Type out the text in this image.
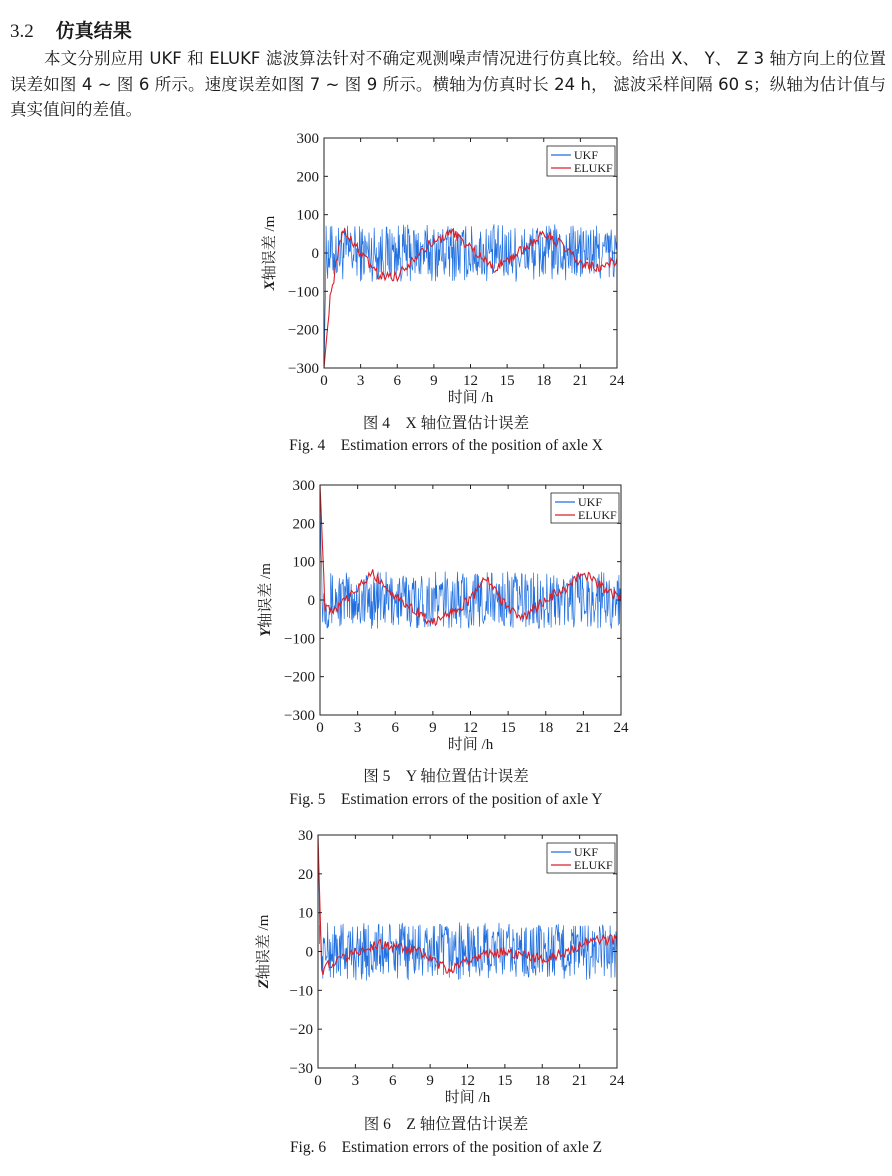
3.2 仿真结果
本文分别应用 UKF 和 ELUKF 滤波算法针对不确定观测噪声情况进行仿真比较。给出 X、 Y、 Z 3 轴方向上的位置误差如图 4 ~ 图 6 所示。速度误差如图 7 ~ 图 9 所示。横轴为仿真时长 24 h， 滤波采样间隔 60 s；纵轴为估计值与真实值间的差值。
0 3 6 9 12 15 18 21 24
−300
−200
−100
0
100
200
300
时间 /h
X轴误差 /m
UKF
ELUKF
图 4　X 轴位置估计误差
Fig. 4　Estimation errors of the position of axle X
0 3 6 9 12 15 18 21 24
−300
−200
−100
0
100
200
300
时间 /h
Y轴误差 /m
UKF
ELUKF
图 5　Y 轴位置估计误差
Fig. 5　Estimation errors of the position of axle Y
0 3 6 9 12 15 18 21 24
−30
−20
−10
0
10
20
30
时间 /h
Z轴误差 /m
UKF
ELUKF
图 6　Z 轴位置估计误差
Fig. 6　Estimation errors of the position of axle Z
